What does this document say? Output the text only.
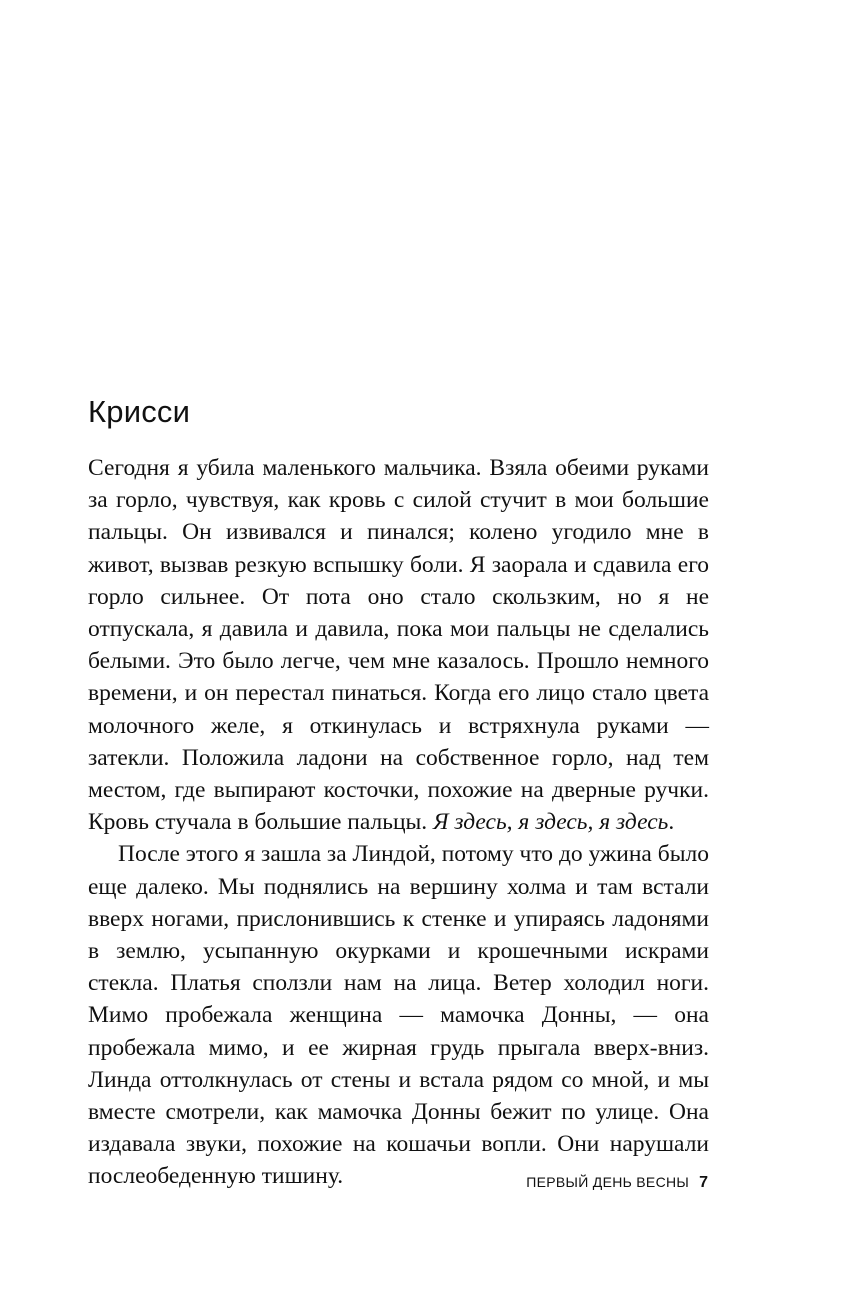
Крисси

Сегодня я убила маленького мальчика. Взяла обеими руками за горло, чувствуя, как кровь с силой стучит в мои большие пальцы. Он извивался и пинался; колено угодило мне в живот, вызвав резкую вспышку боли. Я заорала и сдавила его горло сильнее. От пота оно стало скользким, но я не отпускала, я давила и давила, пока мои пальцы не сделались белыми. Это было легче, чем мне казалось. Прошло немного времени, и он перестал пинаться. Когда его лицо стало цвета молочного желе, я откинулась и встряхнула руками — затекли. Положила ладони на собственное горло, над тем местом, где выпирают косточки, похожие на дверные ручки. Кровь стучала в большие пальцы. Я здесь, я здесь, я здесь.

После этого я зашла за Линдой, потому что до ужина было еще далеко. Мы поднялись на вершину холма и там встали вверх ногами, прислонившись к стенке и упираясь ладонями в землю, усыпанную окурками и крошечными искрами стекла. Платья сползли нам на лица. Ветер холодил ноги. Мимо пробежала женщина — мамочка Донны, — она пробежала мимо, и ее жирная грудь прыгала вверх-вниз. Линда оттолкнулась от стены и встала рядом со мной, и мы вместе смотрели, как мамочка Донны бежит по улице. Она издавала звуки, похожие на кошачьи вопли. Они нарушали послеобеденную тишину.	ПЕРВЫЙ ДЕНЬ ВЕСНЫ 7
